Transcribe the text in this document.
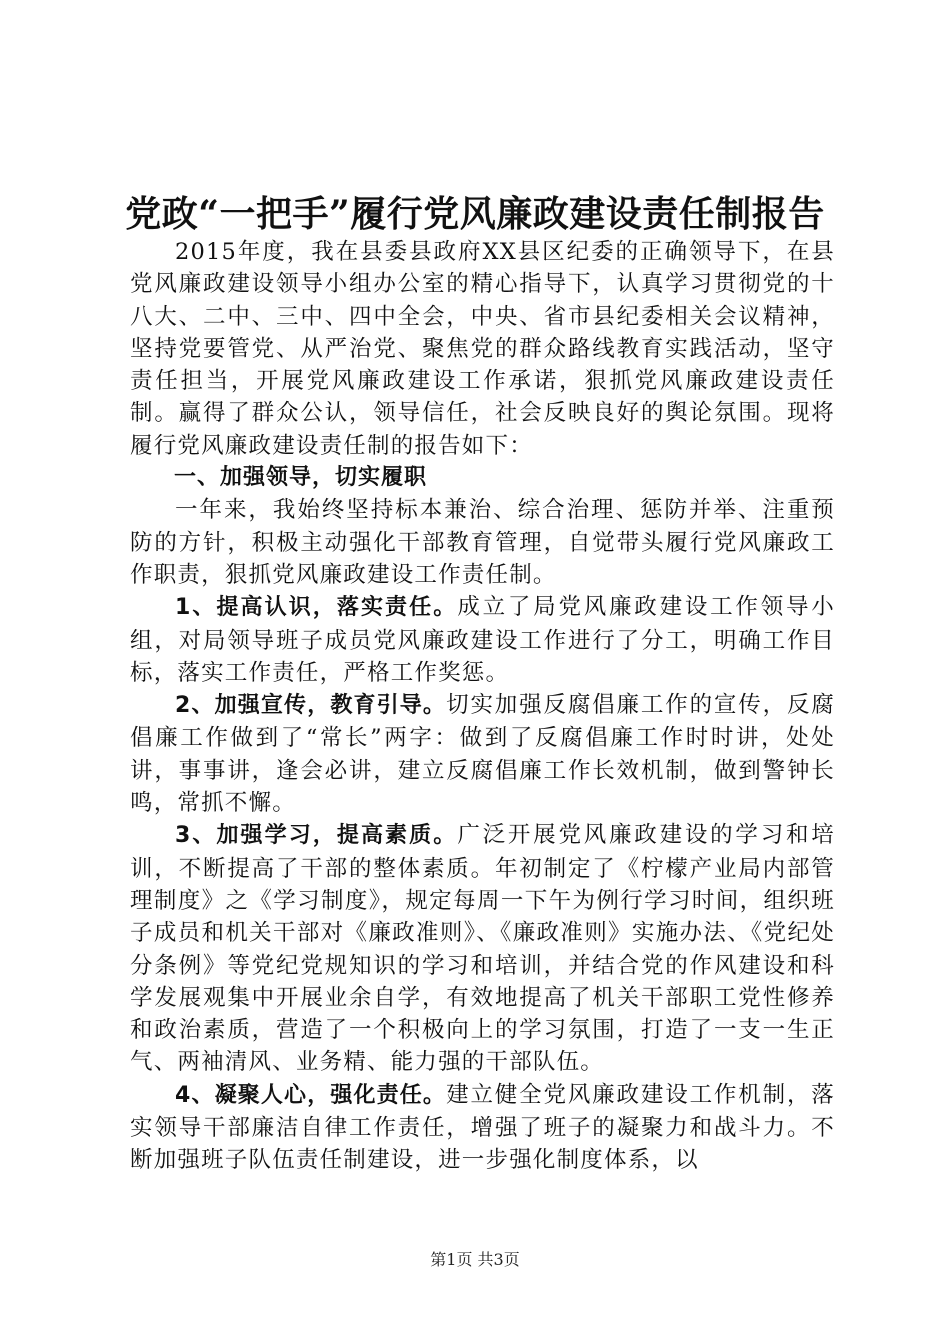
党政“一把手”履行党风廉政建设责任制报告

2015年度，我在县委县政府XX县区纪委的正确领导下，在县党风廉政建设领导小组办公室的精心指导下，认真学习贯彻党的十八大、二中、三中、四中全会，中央、省市县纪委相关会议精神，坚持党要管党、从严治党、聚焦党的群众路线教育实践活动，坚守责任担当，开展党风廉政建设工作承诺，狠抓党风廉政建设责任制。赢得了群众公认，领导信任，社会反映良好的舆论氛围。现将履行党风廉政建设责任制的报告如下：

一、加强领导，切实履职

一年来，我始终坚持标本兼治、综合治理、惩防并举、注重预防的方针，积极主动强化干部教育管理，自觉带头履行党风廉政工作职责，狠抓党风廉政建设工作责任制。

1、提高认识，落实责任。成立了局党风廉政建设工作领导小组，对局领导班子成员党风廉政建设工作进行了分工，明确工作目标，落实工作责任，严格工作奖惩。

2、加强宣传，教育引导。切实加强反腐倡廉工作的宣传，反腐倡廉工作做到了“常长”两字：做到了反腐倡廉工作时时讲，处处讲，事事讲，逢会必讲，建立反腐倡廉工作长效机制，做到警钟长鸣，常抓不懈。

3、加强学习，提高素质。广泛开展党风廉政建设的学习和培训，不断提高了干部的整体素质。年初制定了《柠檬产业局内部管理制度》之《学习制度》，规定每周一下午为例行学习时间，组织班子成员和机关干部对《廉政准则》、《廉政准则》实施办法、《党纪处分条例》等党纪党规知识的学习和培训，并结合党的作风建设和科学发展观集中开展业余自学，有效地提高了机关干部职工党性修养和政治素质，营造了一个积极向上的学习氛围，打造了一支一生正气、两袖清风、业务精、能力强的干部队伍。

4、凝聚人心，强化责任。建立健全党风廉政建设工作机制，落实领导干部廉洁自律工作责任，增强了班子的凝聚力和战斗力。不断加强班子队伍责任制建设，进一步强化制度体系，以

第1页 共3页
